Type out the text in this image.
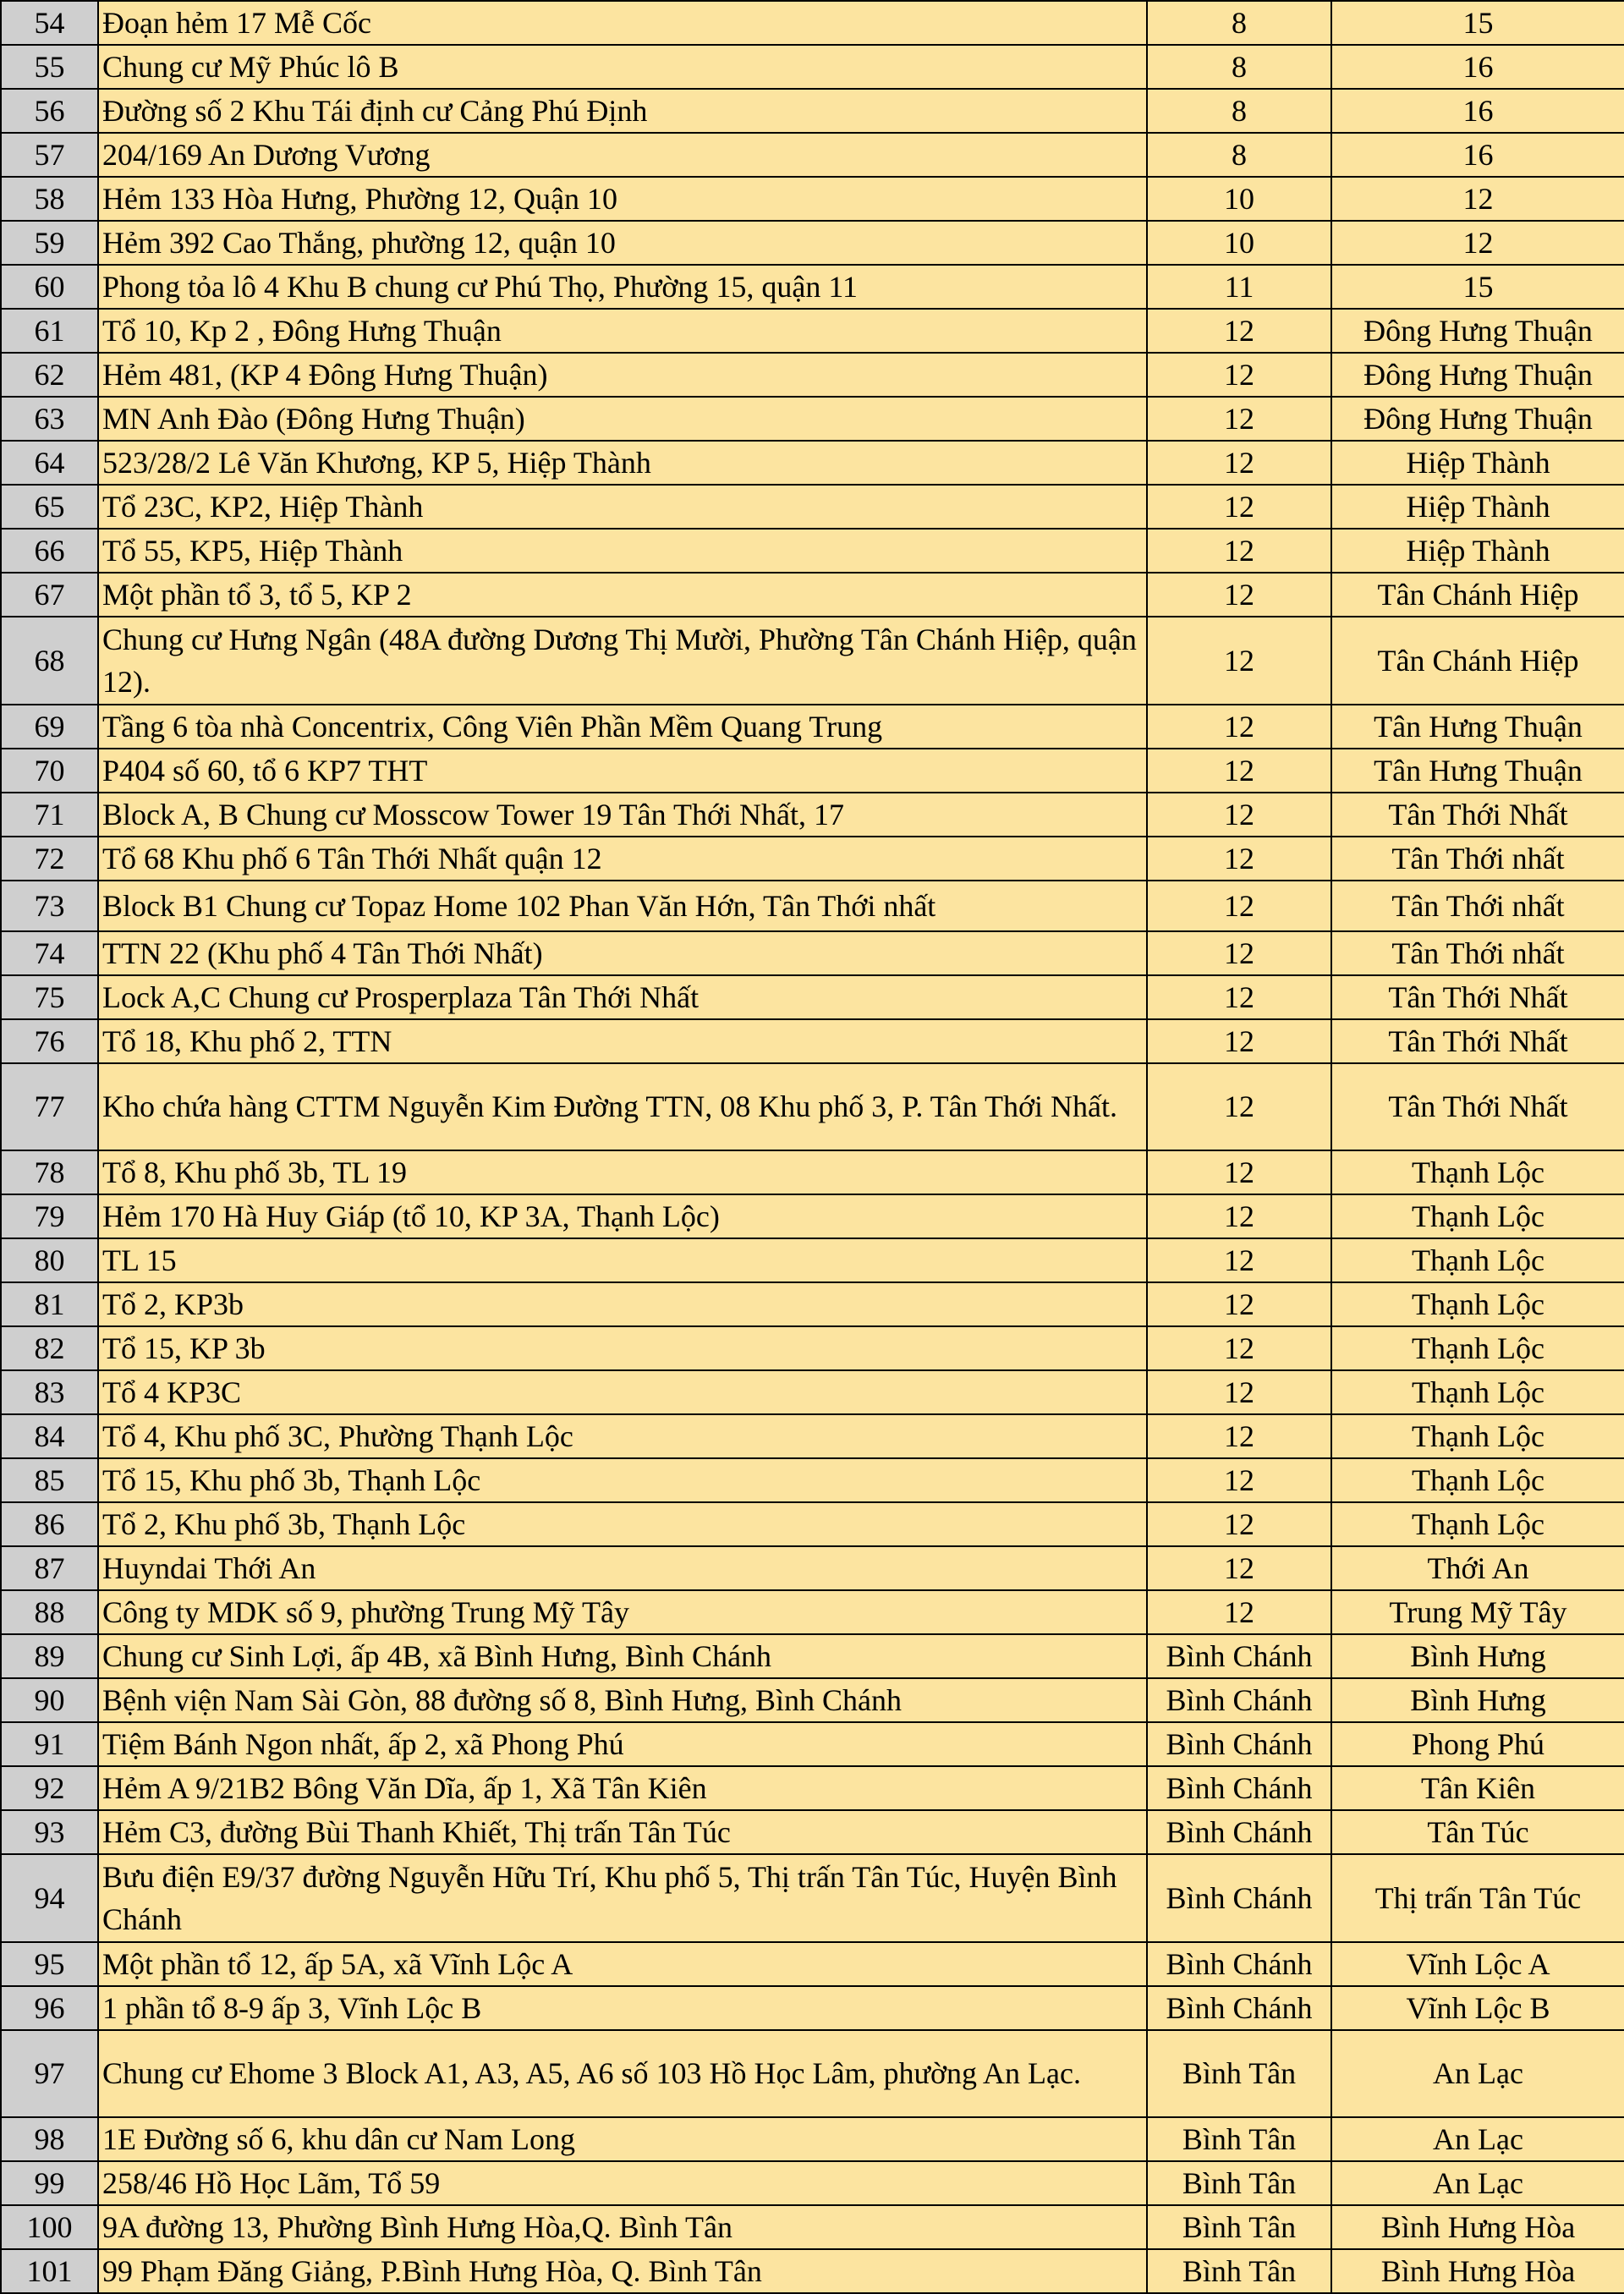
54	Đoạn hẻm 17 Mễ Cốc	8	15
55	Chung cư Mỹ Phúc lô B	8	16
56	Đường số 2 Khu Tái định cư Cảng Phú Định	8	16
57	204/169 An Dương Vương	8	16
58	Hẻm 133 Hòa Hưng, Phường 12, Quận 10	10	12
59	Hẻm 392 Cao Thắng, phường 12, quận 10	10	12
60	Phong tỏa lô 4 Khu B chung cư Phú Thọ, Phường 15, quận 11	11	15
61	Tổ 10, Kp 2 , Đông Hưng Thuận	12	Đông Hưng Thuận
62	Hẻm 481, (KP 4 Đông Hưng Thuận)	12	Đông Hưng Thuận
63	MN Anh Đào (Đông Hưng Thuận)	12	Đông Hưng Thuận
64	523/28/2 Lê Văn Khương, KP 5, Hiệp Thành	12	Hiệp Thành
65	Tổ 23C, KP2, Hiệp Thành	12	Hiệp Thành
66	Tổ 55, KP5, Hiệp Thành	12	Hiệp Thành
67	Một phần tổ 3, tổ 5, KP 2	12	Tân Chánh Hiệp
68	Chung cư Hưng Ngân (48A đường Dương Thị Mười, Phường Tân Chánh Hiệp, quận 12).	12	Tân Chánh Hiệp
69	Tầng 6 tòa nhà Concentrix, Công Viên Phần Mềm Quang Trung	12	Tân Hưng Thuận
70	P404 số 60, tổ 6 KP7 THT	12	Tân Hưng Thuận
71	Block A, B Chung cư Mosscow Tower 19 Tân Thới Nhất, 17	12	Tân Thới Nhất
72	Tổ 68 Khu phố 6 Tân Thới Nhất quận 12	12	Tân Thới nhất
73	Block B1 Chung cư Topaz Home 102 Phan Văn Hớn, Tân Thới nhất	12	Tân Thới nhất
74	TTN 22 (Khu phố 4 Tân Thới Nhất)	12	Tân Thới nhất
75	Lock A,C Chung cư Prosperplaza Tân Thới Nhất	12	Tân Thới Nhất
76	Tổ 18, Khu phố 2, TTN	12	Tân Thới Nhất
77	Kho chứa hàng CTTM Nguyễn Kim Đường TTN, 08 Khu phố 3, P. Tân Thới Nhất.	12	Tân Thới Nhất
78	Tổ 8, Khu phố 3b, TL 19	12	Thạnh Lộc
79	Hẻm 170 Hà Huy Giáp (tổ 10, KP 3A, Thạnh Lộc)	12	Thạnh Lộc
80	TL 15	12	Thạnh Lộc
81	Tổ 2, KP3b	12	Thạnh Lộc
82	Tổ 15, KP 3b	12	Thạnh Lộc
83	Tổ 4 KP3C	12	Thạnh Lộc
84	Tổ 4, Khu phố 3C, Phường Thạnh Lộc	12	Thạnh Lộc
85	Tổ 15, Khu phố 3b, Thạnh Lộc	12	Thạnh Lộc
86	Tổ 2, Khu phố 3b, Thạnh Lộc	12	Thạnh Lộc
87	Huyndai Thới An	12	Thới An
88	Công ty MDK số 9, phường Trung Mỹ Tây	12	Trung Mỹ Tây
89	Chung cư Sinh Lợi, ấp 4B, xã Bình Hưng, Bình Chánh	Bình Chánh	Bình Hưng
90	Bệnh viện Nam Sài Gòn, 88 đường số 8, Bình Hưng, Bình Chánh	Bình Chánh	Bình Hưng
91	Tiệm Bánh Ngon nhất, ấp 2, xã Phong Phú	Bình Chánh	Phong Phú
92	Hẻm A 9/21B2 Bông Văn Dĩa, ấp 1, Xã Tân Kiên	Bình Chánh	Tân Kiên
93	Hẻm C3, đường Bùi Thanh Khiết, Thị trấn Tân Túc	Bình Chánh	Tân Túc
94	Bưu điện E9/37 đường Nguyễn Hữu Trí, Khu phố 5, Thị trấn Tân Túc, Huyện Bình Chánh	Bình Chánh	Thị trấn Tân Túc
95	Một phần tổ 12, ấp 5A, xã Vĩnh Lộc A	Bình Chánh	Vĩnh Lộc A
96	1 phần tổ 8-9 ấp 3, Vĩnh Lộc B	Bình Chánh	Vĩnh Lộc B
97	Chung cư Ehome 3 Block A1, A3, A5, A6 số 103 Hồ Học Lâm, phường An Lạc.	Bình Tân	An Lạc
98	1E Đường số 6, khu dân cư Nam Long	Bình Tân	An Lạc
99	258/46 Hồ Học Lãm, Tổ 59	Bình Tân	An Lạc
100	9A đường 13, Phường Bình Hưng Hòa,Q. Bình Tân	Bình Tân	Bình Hưng Hòa
101	99 Phạm Đăng Giảng, P.Bình Hưng Hòa, Q. Bình Tân	Bình Tân	Bình Hưng Hòa
